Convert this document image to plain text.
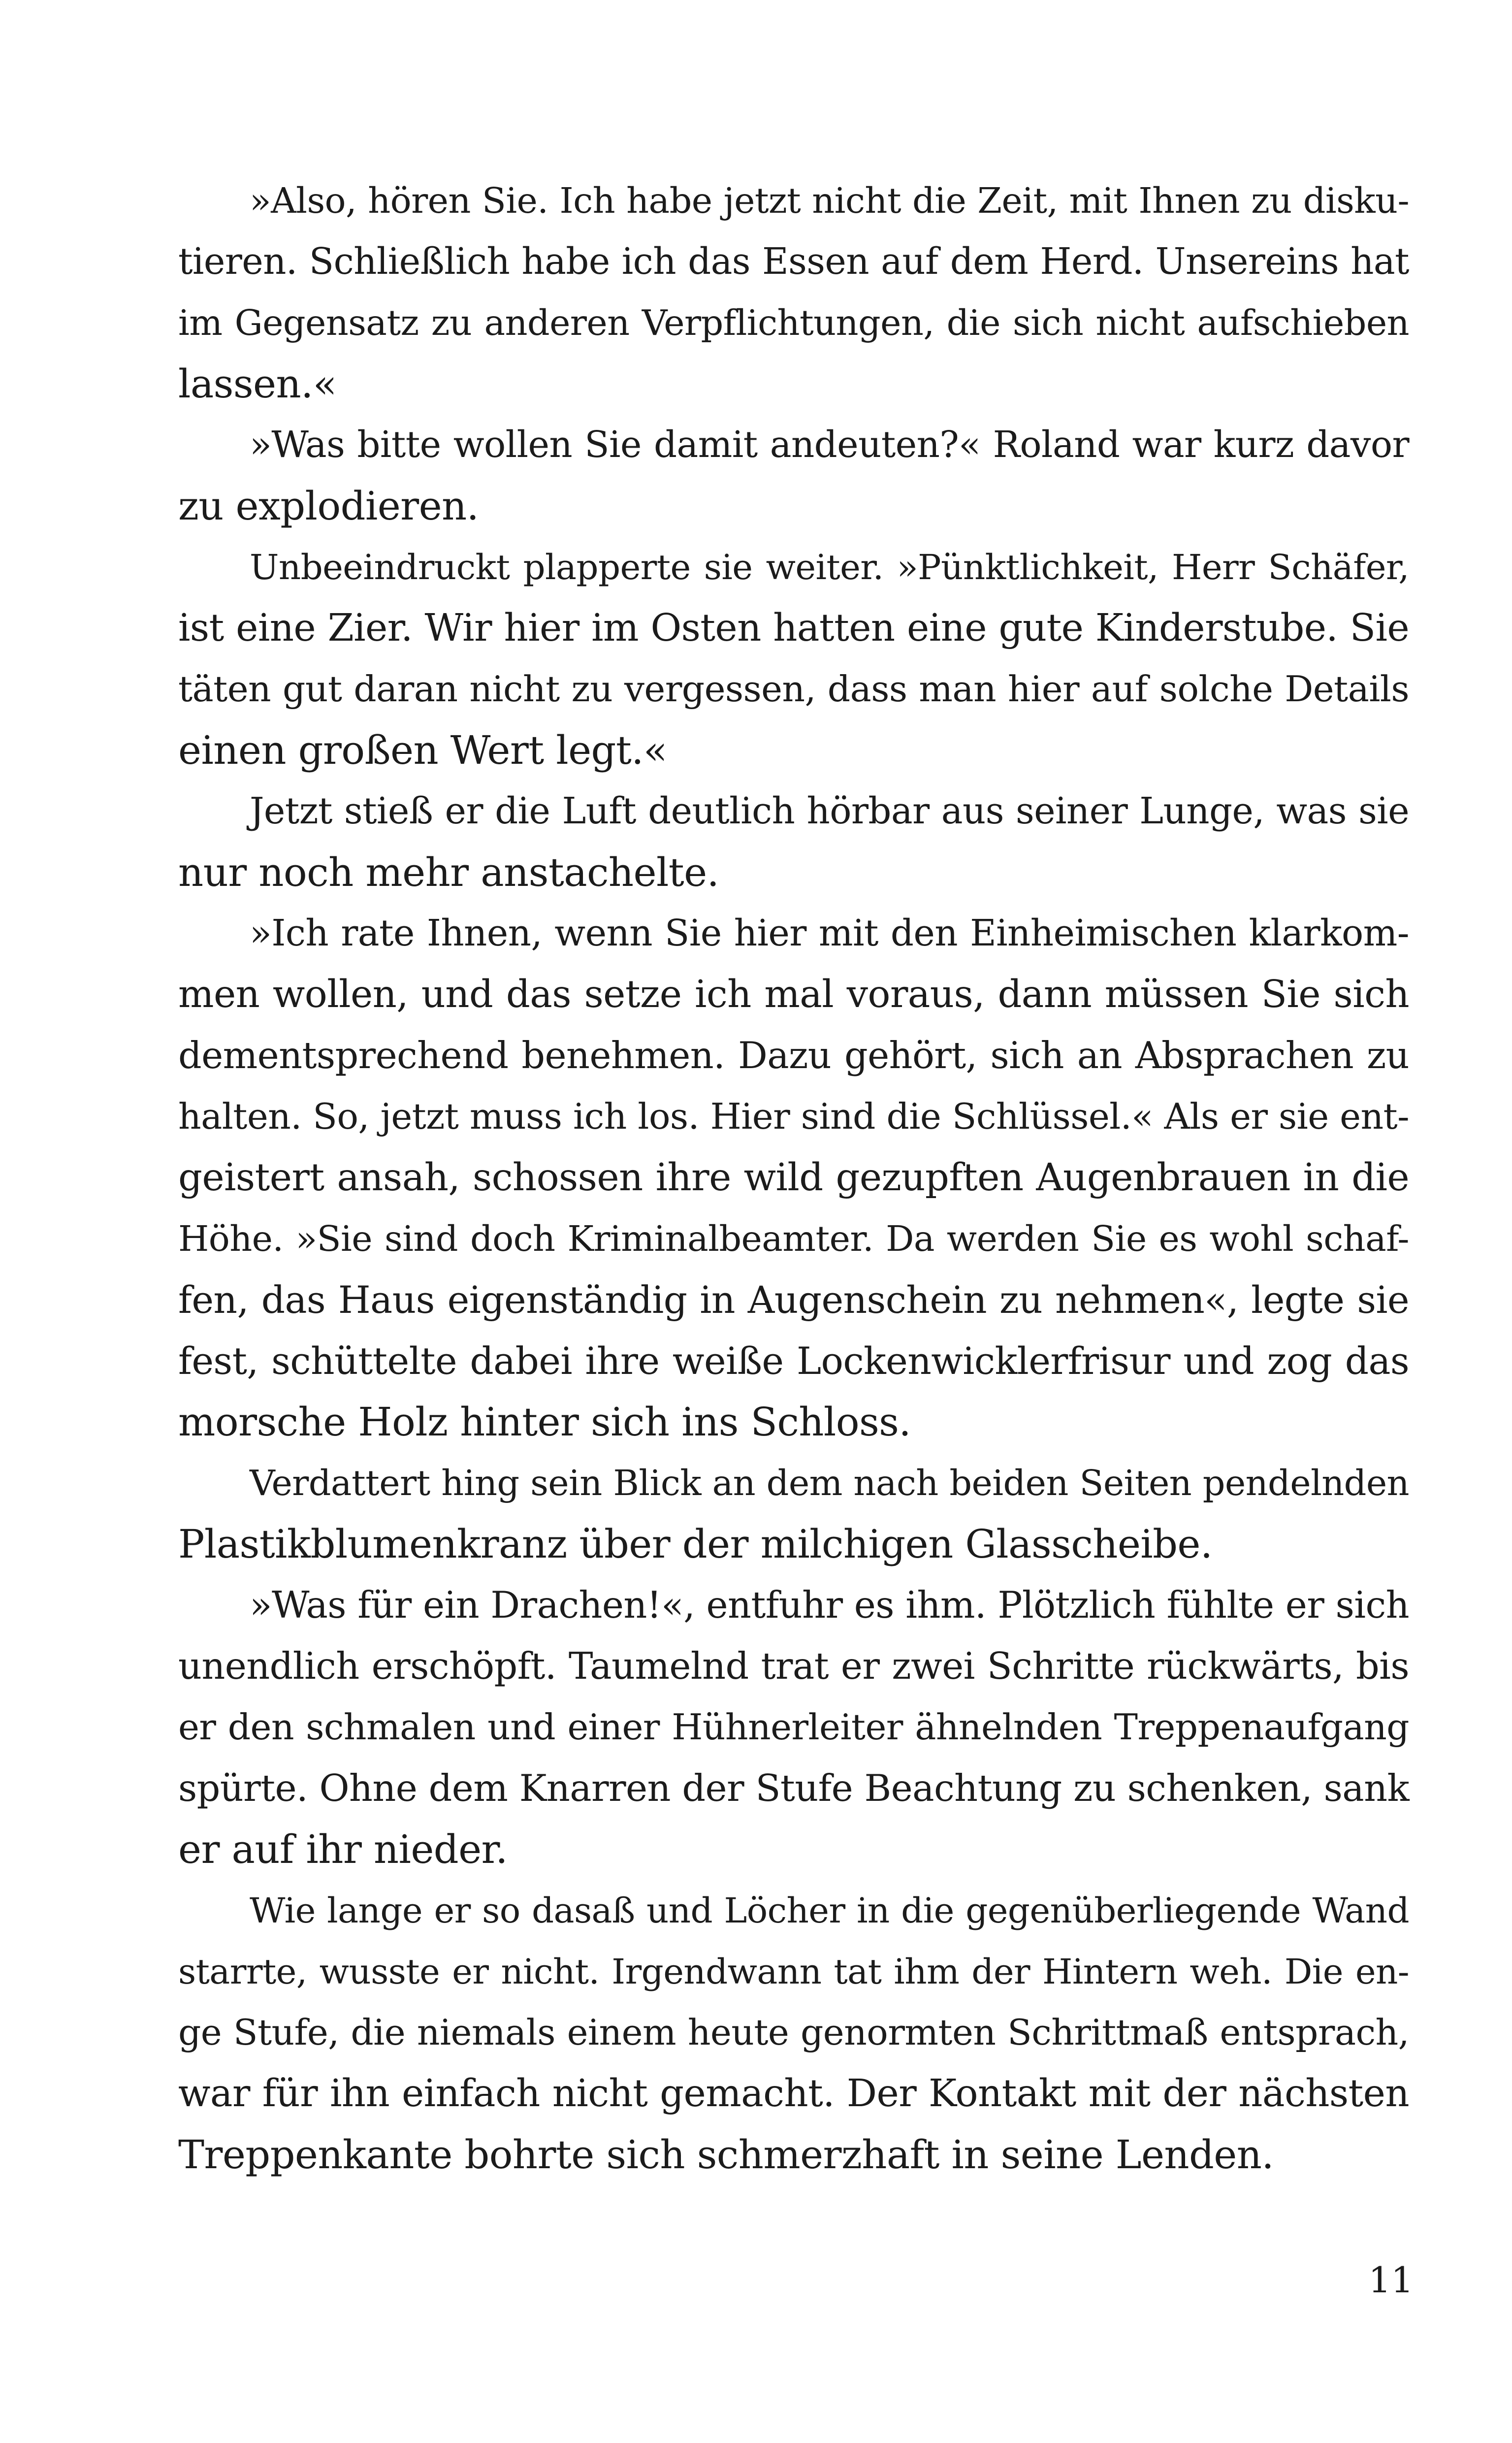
»Also, hören Sie. Ich habe jetzt nicht die Zeit, mit Ihnen zu disku-
tieren. Schließlich habe ich das Essen auf dem Herd. Unsereins hat
im Gegensatz zu anderen Verpflichtungen, die sich nicht aufschieben
lassen.«
»Was bitte wollen Sie damit andeuten?« Roland war kurz davor
zu explodieren.
Unbeeindruckt plapperte sie weiter. »Pünktlichkeit, Herr Schäfer,
ist eine Zier. Wir hier im Osten hatten eine gute Kinderstube. Sie
täten gut daran nicht zu vergessen, dass man hier auf solche Details
einen großen Wert legt.«
Jetzt stieß er die Luft deutlich hörbar aus seiner Lunge, was sie
nur noch mehr anstachelte.
»Ich rate Ihnen, wenn Sie hier mit den Einheimischen klarkom-
men wollen, und das setze ich mal voraus, dann müssen Sie sich
dementsprechend benehmen. Dazu gehört, sich an Absprachen zu
halten. So, jetzt muss ich los. Hier sind die Schlüssel.« Als er sie ent-
geistert ansah, schossen ihre wild gezupften Augenbrauen in die
Höhe. »Sie sind doch Kriminalbeamter. Da werden Sie es wohl schaf-
fen, das Haus eigenständig in Augenschein zu nehmen«, legte sie
fest, schüttelte dabei ihre weiße Lockenwicklerfrisur und zog das
morsche Holz hinter sich ins Schloss.
Verdattert hing sein Blick an dem nach beiden Seiten pendelnden
Plastikblumenkranz über der milchigen Glasscheibe.
»Was für ein Drachen!«, entfuhr es ihm. Plötzlich fühlte er sich
unendlich erschöpft. Taumelnd trat er zwei Schritte rückwärts, bis
er den schmalen und einer Hühnerleiter ähnelnden Treppenaufgang
spürte. Ohne dem Knarren der Stufe Beachtung zu schenken, sank
er auf ihr nieder.
Wie lange er so dasaß und Löcher in die gegenüberliegende Wand
starrte, wusste er nicht. Irgendwann tat ihm der Hintern weh. Die en-
ge Stufe, die niemals einem heute genormten Schrittmaß entsprach,
war für ihn einfach nicht gemacht. Der Kontakt mit der nächsten
Treppenkante bohrte sich schmerzhaft in seine Lenden.
11
